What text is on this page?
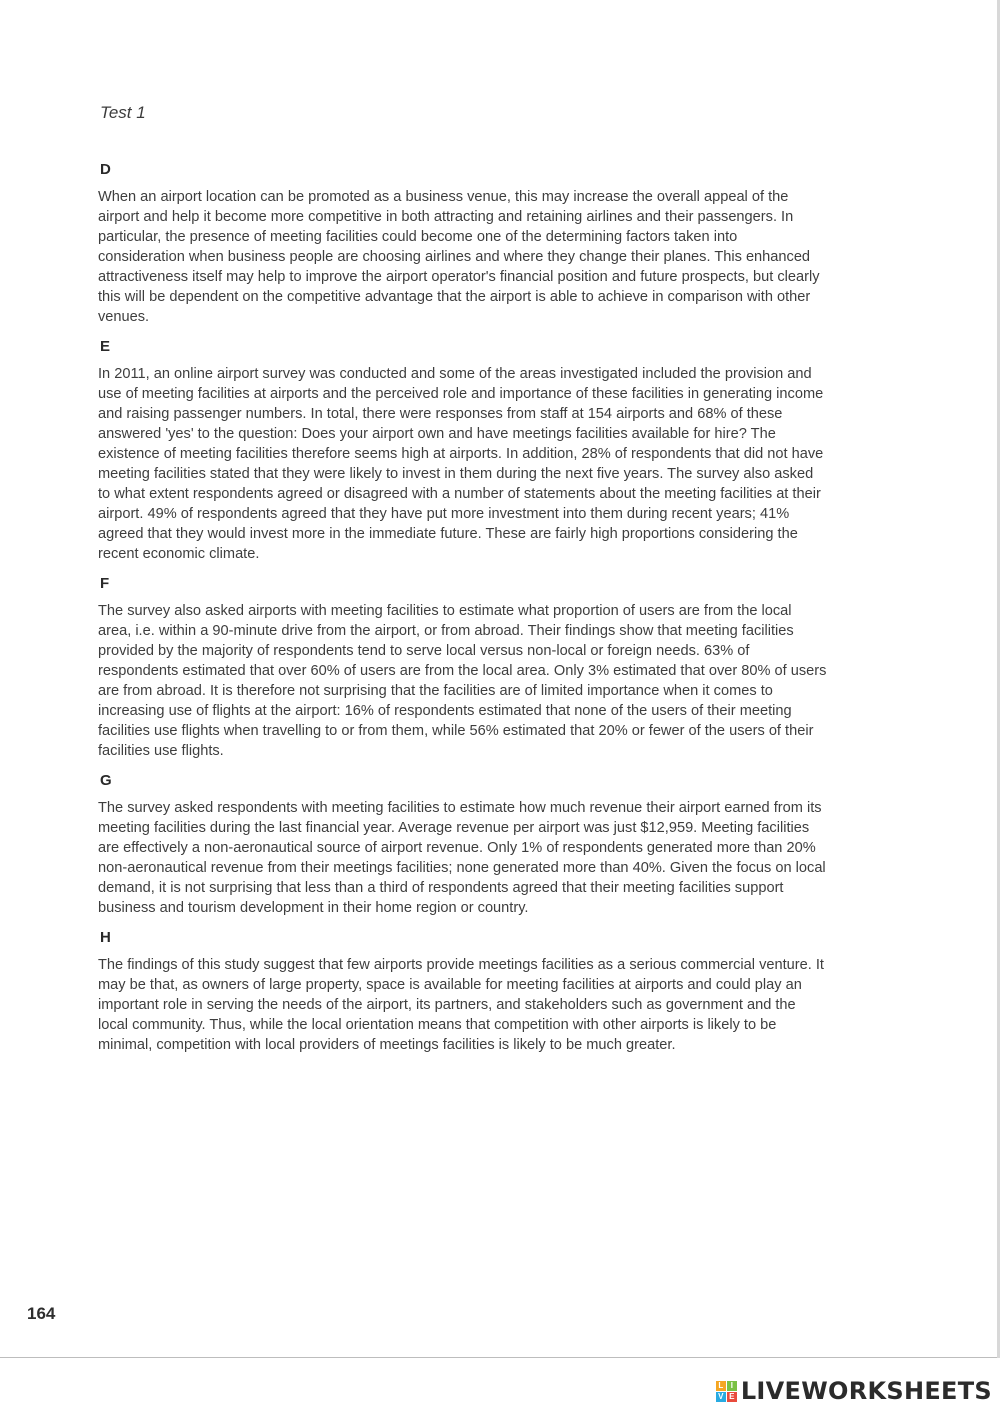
Test 1
D

When an airport location can be promoted as a business venue, this may increase the overall appeal of the airport and help it become more competitive in both attracting and retaining airlines and their passengers. In particular, the presence of meeting facilities could become one of the determining factors taken into consideration when business people are choosing airlines and where they change their planes. This enhanced attractiveness itself may help to improve the airport operator's financial position and future prospects, but clearly this will be dependent on the competitive advantage that the airport is able to achieve in comparison with other venues.

E

In 2011, an online airport survey was conducted and some of the areas investigated included the provision and use of meeting facilities at airports and the perceived role and importance of these facilities in generating income and raising passenger numbers. In total, there were responses from staff at 154 airports and 68% of these answered 'yes' to the question: Does your airport own and have meetings facilities available for hire? The existence of meeting facilities therefore seems high at airports. In addition, 28% of respondents that did not have meeting facilities stated that they were likely to invest in them during the next five years. The survey also asked to what extent respondents agreed or disagreed with a number of statements about the meeting facilities at their airport. 49% of respondents agreed that they have put more investment into them during recent years; 41% agreed that they would invest more in the immediate future. These are fairly high proportions considering the recent economic climate.

F

The survey also asked airports with meeting facilities to estimate what proportion of users are from the local area, i.e. within a 90-minute drive from the airport, or from abroad. Their findings show that meeting facilities provided by the majority of respondents tend to serve local versus non-local or foreign needs. 63% of respondents estimated that over 60% of users are from the local area. Only 3% estimated that over 80% of users are from abroad. It is therefore not surprising that the facilities are of limited importance when it comes to increasing use of flights at the airport: 16% of respondents estimated that none of the users of their meeting facilities use flights when travelling to or from them, while 56% estimated that 20% or fewer of the users of their facilities use flights.

G

The survey asked respondents with meeting facilities to estimate how much revenue their airport earned from its meeting facilities during the last financial year. Average revenue per airport was just $12,959. Meeting facilities are effectively a non-aeronautical source of airport revenue. Only 1% of respondents generated more than 20% non-aeronautical revenue from their meetings facilities; none generated more than 40%. Given the focus on local demand, it is not surprising that less than a third of respondents agreed that their meeting facilities support business and tourism development in their home region or country.

H

The findings of this study suggest that few airports provide meetings facilities as a serious commercial venture. It may be that, as owners of large property, space is available for meeting facilities at airports and could play an important role in serving the needs of the airport, its partners, and stakeholders such as government and the local community. Thus, while the local orientation means that competition with other airports is likely to be minimal, competition with local providers of meetings facilities is likely to be much greater.

164
L I
V E LIVEWORKSHEETS
